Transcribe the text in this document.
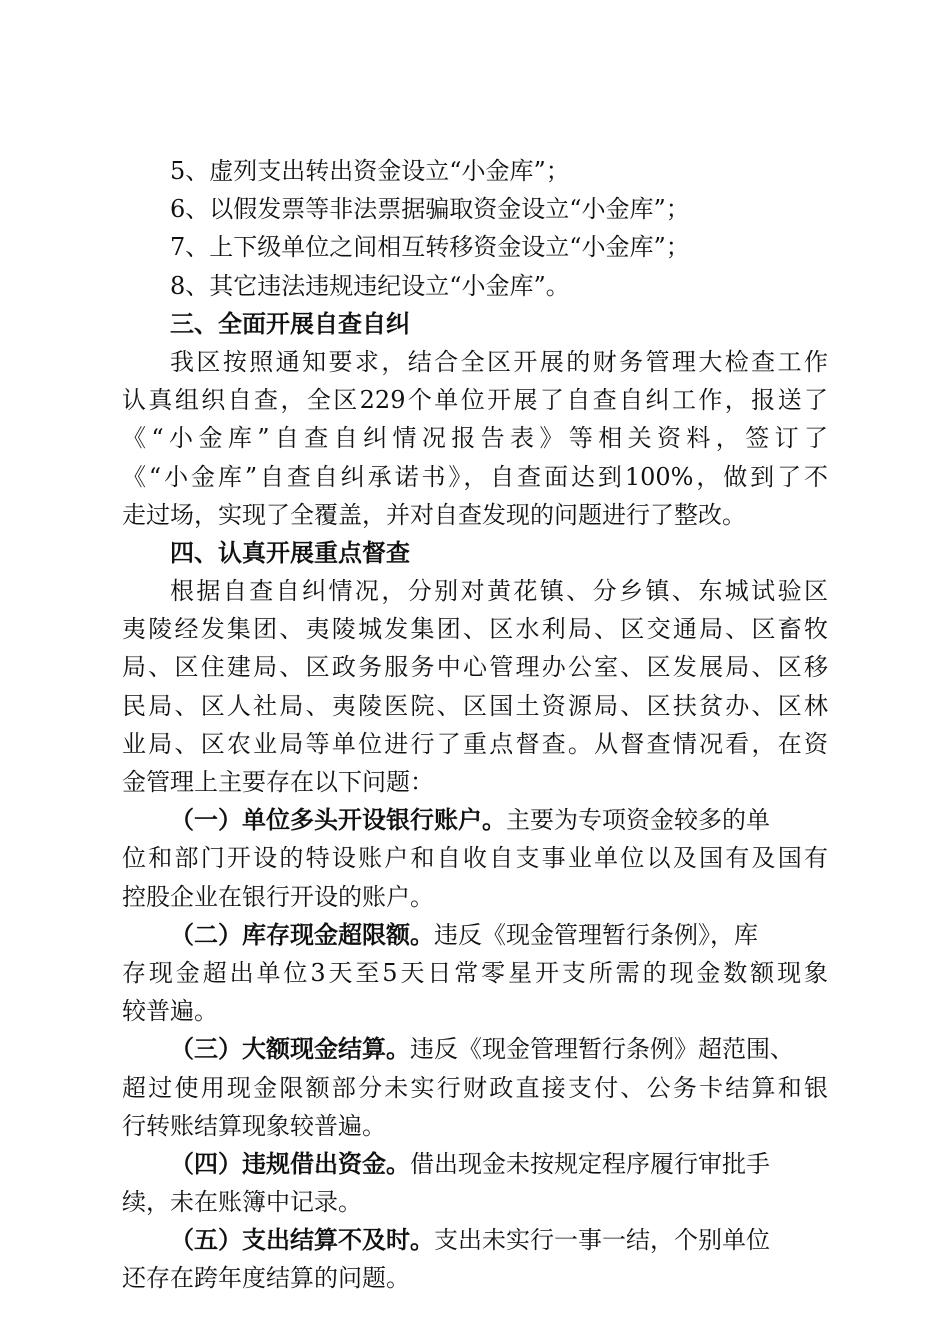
5、虚列支出转出资金设立“小金库”；
6、以假发票等非法票据骗取资金设立“小金库”；
7、上下级单位之间相互转移资金设立“小金库”；
8、其它违法违规违纪设立“小金库”。
三、全面开展自查自纠
我区按照通知要求，结合全区开展的财务管理大检查工作
认真组织自查，全区229个单位开展了自查自纠工作，报送了
《“小金库”自查自纠情况报告表》等相关资料，签订了
《“小金库”自查自纠承诺书》，自查面达到100%，做到了不
走过场，实现了全覆盖，并对自查发现的问题进行了整改。
四、认真开展重点督查
根据自查自纠情况，分别对黄花镇、分乡镇、东城试验区
夷陵经发集团、夷陵城发集团、区水利局、区交通局、区畜牧
局、区住建局、区政务服务中心管理办公室、区发展局、区移
民局、区人社局、夷陵医院、区国土资源局、区扶贫办、区林
业局、区农业局等单位进行了重点督查。从督查情况看，在资
金管理上主要存在以下问题：
（一）单位多头开设银行账户。主要为专项资金较多的单
位和部门开设的特设账户和自收自支事业单位以及国有及国有
控股企业在银行开设的账户。
（二）库存现金超限额。违反《现金管理暂行条例》，库
存现金超出单位3天至5天日常零星开支所需的现金数额现象
较普遍。
（三）大额现金结算。违反《现金管理暂行条例》超范围、
超过使用现金限额部分未实行财政直接支付、公务卡结算和银
行转账结算现象较普遍。
（四）违规借出资金。借出现金未按规定程序履行审批手
续，未在账簿中记录。
（五）支出结算不及时。支出未实行一事一结，个别单位
还存在跨年度结算的问题。
